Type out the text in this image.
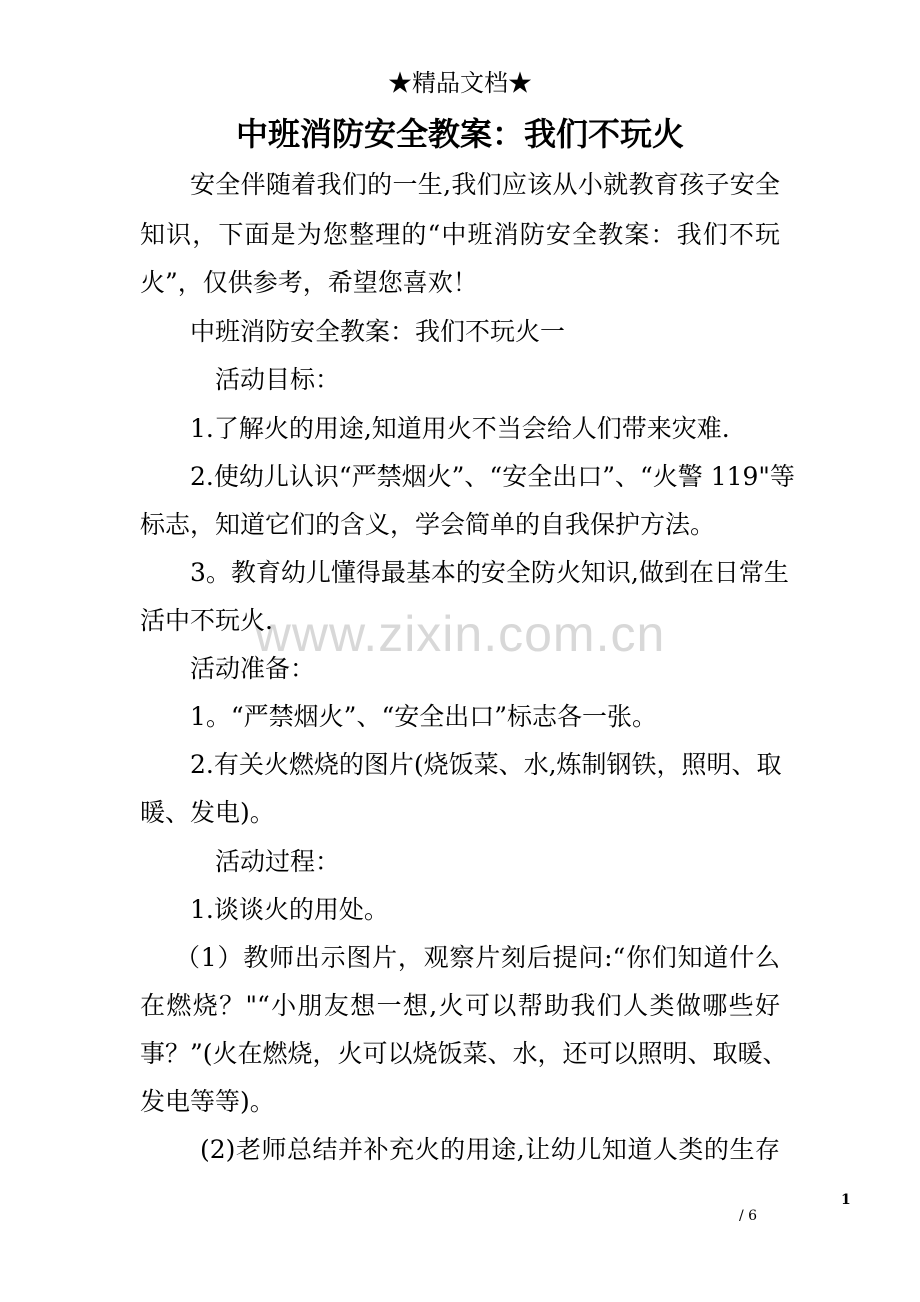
★精品文档★
中班消防安全教案：我们不玩火
www.zixin.com.cn
安全伴随着我们的一生,我们应该从小就教育孩子安全
知识，下面是为您整理的“中班消防安全教案：我们不玩
火”，仅供参考，希望您喜欢！
中班消防安全教案：我们不玩火一
活动目标：
1.了解火的用途,知道用火不当会给人们带来灾难.
2.使幼儿认识“严禁烟火”、“安全出口”、“火警 119"等
标志，知道它们的含义，学会简单的自我保护方法。
3。教育幼儿懂得最基本的安全防火知识,做到在日常生
活中不玩火.
活动准备：
1。“严禁烟火”、“安全出口”标志各一张。
2.有关火燃烧的图片(烧饭菜、水,炼制钢铁，照明、取
暖、发电)。
活动过程：
1.谈谈火的用处。
（1）教师出示图片，观察片刻后提问:“你们知道什么
在燃烧？"“小朋友想一想,火可以帮助我们人类做哪些好
事？”(火在燃烧，火可以烧饭菜、水，还可以照明、取暖、
发电等等)。
(2)老师总结并补充火的用途,让幼儿知道人类的生存
1
/ 6
